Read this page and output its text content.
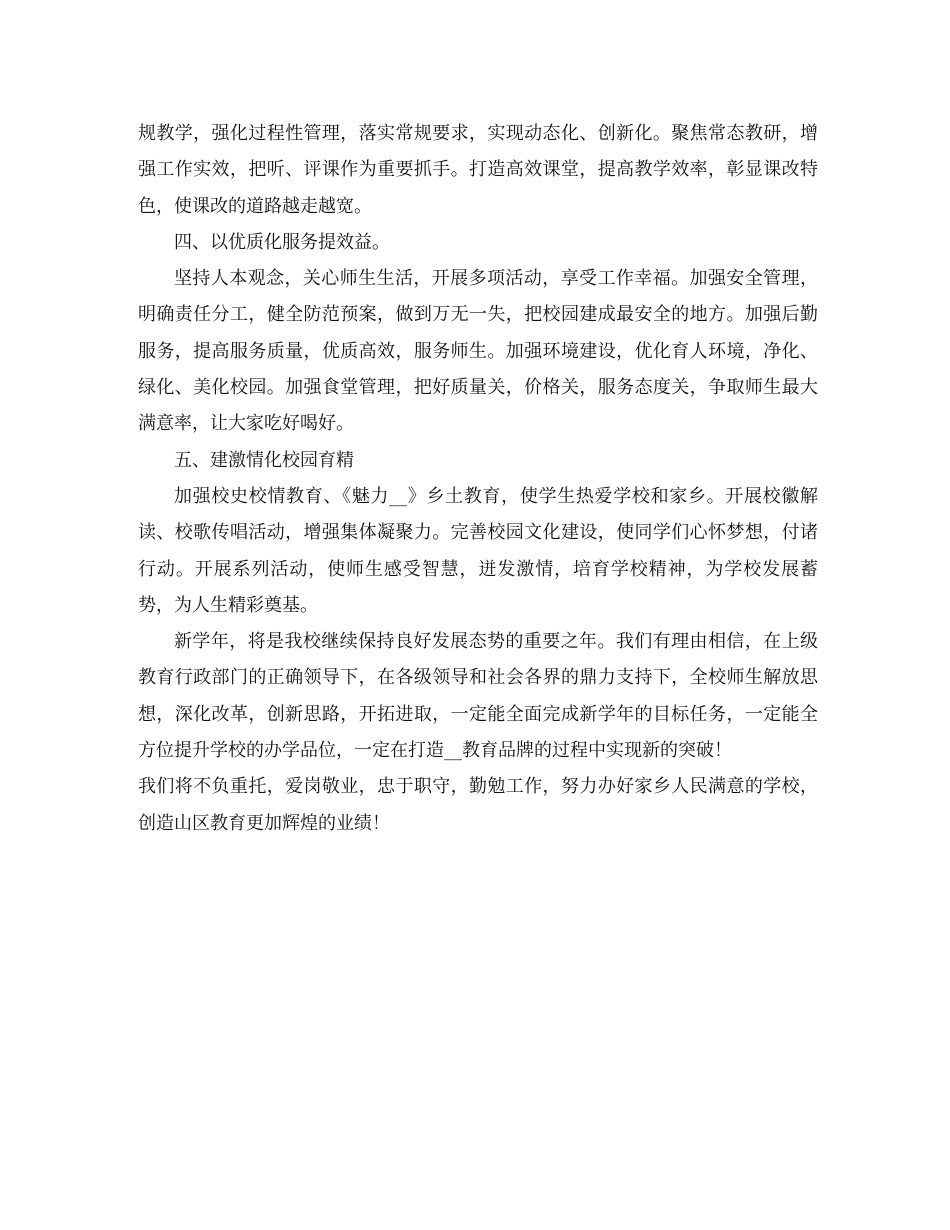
规教学，强化过程性管理，落实常规要求，实现动态化、创新化。聚焦常态教研，增强工作实效，把听、评课作为重要抓手。打造高效课堂，提高教学效率，彰显课改特色，使课改的道路越走越宽。

四、以优质化服务提效益。

坚持人本观念，关心师生生活，开展多项活动，享受工作幸福。加强安全管理，明确责任分工，健全防范预案，做到万无一失，把校园建成最安全的地方。加强后勤服务，提高服务质量，优质高效，服务师生。加强环境建设，优化育人环境，净化、绿化、美化校园。加强食堂管理，把好质量关，价格关，服务态度关，争取师生最大满意率，让大家吃好喝好。

五、建激情化校园育精

加强校史校情教育、《魅力__》乡土教育，使学生热爱学校和家乡。开展校徽解读、校歌传唱活动，增强集体凝聚力。完善校园文化建设，使同学们心怀梦想，付诸行动。开展系列活动，使师生感受智慧，迸发激情，培育学校精神，为学校发展蓄势，为人生精彩奠基。

新学年，将是我校继续保持良好发展态势的重要之年。我们有理由相信，在上级教育行政部门的正确领导下，在各级领导和社会各界的鼎力支持下，全校师生解放思想，深化改革，创新思路，开拓进取，一定能全面完成新学年的目标任务，一定能全方位提升学校的办学品位，一定在打造__教育品牌的过程中实现新的突破！

我们将不负重托，爱岗敬业，忠于职守，勤勉工作，努力办好家乡人民满意的学校，创造山区教育更加辉煌的业绩！
